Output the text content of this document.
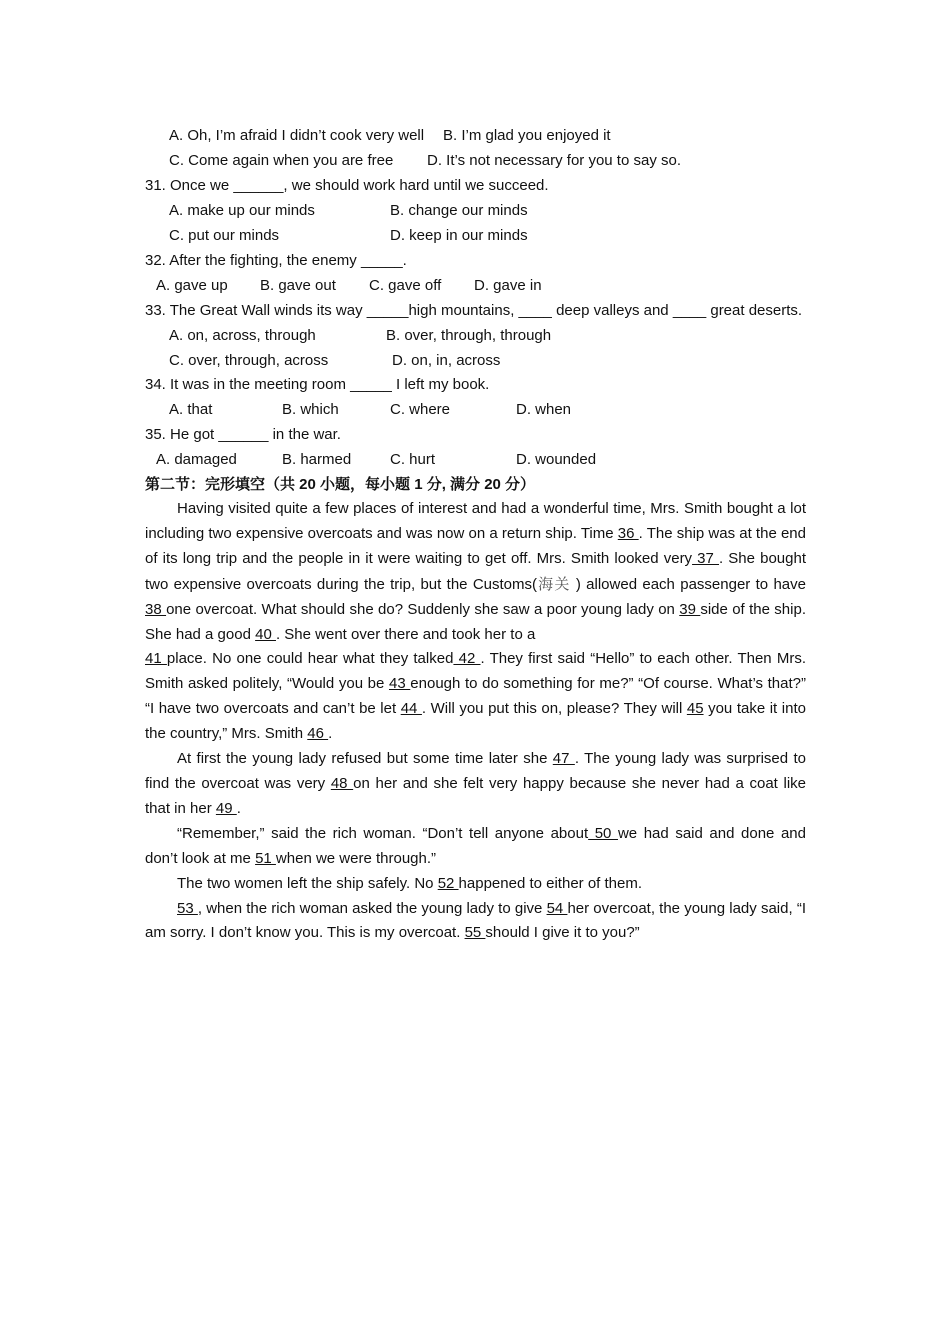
A. Oh, I’m afraid I didn’t cook very well B. I’m glad you enjoyed it
C. Come again when you are free D. It’s not necessary for you to say so.
31. Once we ______, we should work hard until we succeed.
A. make up our minds	B. change our minds
C. put our minds	D. keep in our minds
32. After the fighting, the enemy _____.
A. gave up B. gave out C. gave off D. gave in
33. The Great Wall winds its way _____high mountains, ____ deep valleys and ____ great deserts.
A. on, across, through	B. over, through, through
C. over, through, across	D. on, in, across
34. It was in the meeting room _____ I left my book.
A. that	B. which	C. where	D. when
35. He got ______ in the war.
A. damaged	B. harmed	C. hurt	D. wounded
第二节：完形填空（共 20 小题，每小题 1 分, 满分 20 分）

Having visited quite a few places of interest and had a wonderful time, Mrs. Smith bought a lot including two expensive overcoats and was now on a return ship. Time 36 . The ship was at the end of its long trip and the people in it were waiting to get off. Mrs. Smith looked very 37 . She bought two expensive overcoats during the trip, but the Customs(海关 ) allowed each passenger to have 38 one overcoat. What should she do? Suddenly she saw a poor young lady on 39 side of the ship. She had a good 40 . She went over there and took her to a
41 place. No one could hear what they talked 42 . They first said “Hello” to each other. Then Mrs. Smith asked politely, “Would you be 43 enough to do something for me?” “Of course. What’s that?” “I have two overcoats and can’t be let 44 . Will you put this on, please? They will 45 you take it into the country,” Mrs. Smith 46 .

At first the young lady refused but some time later she 47 . The young lady was surprised to find the overcoat was very 48 on her and she felt very happy because she never had a coat like that in her 49 .

“Remember,” said the rich woman. “Don’t tell anyone about 50 we had said and done and don’t look at me 51 when we were through.”

The two women left the ship safely. No 52 happened to either of them.

53 , when the rich woman asked the young lady to give 54 her overcoat, the young lady said, “I am sorry. I don’t know you. This is my overcoat. 55 should I give it to you?”
